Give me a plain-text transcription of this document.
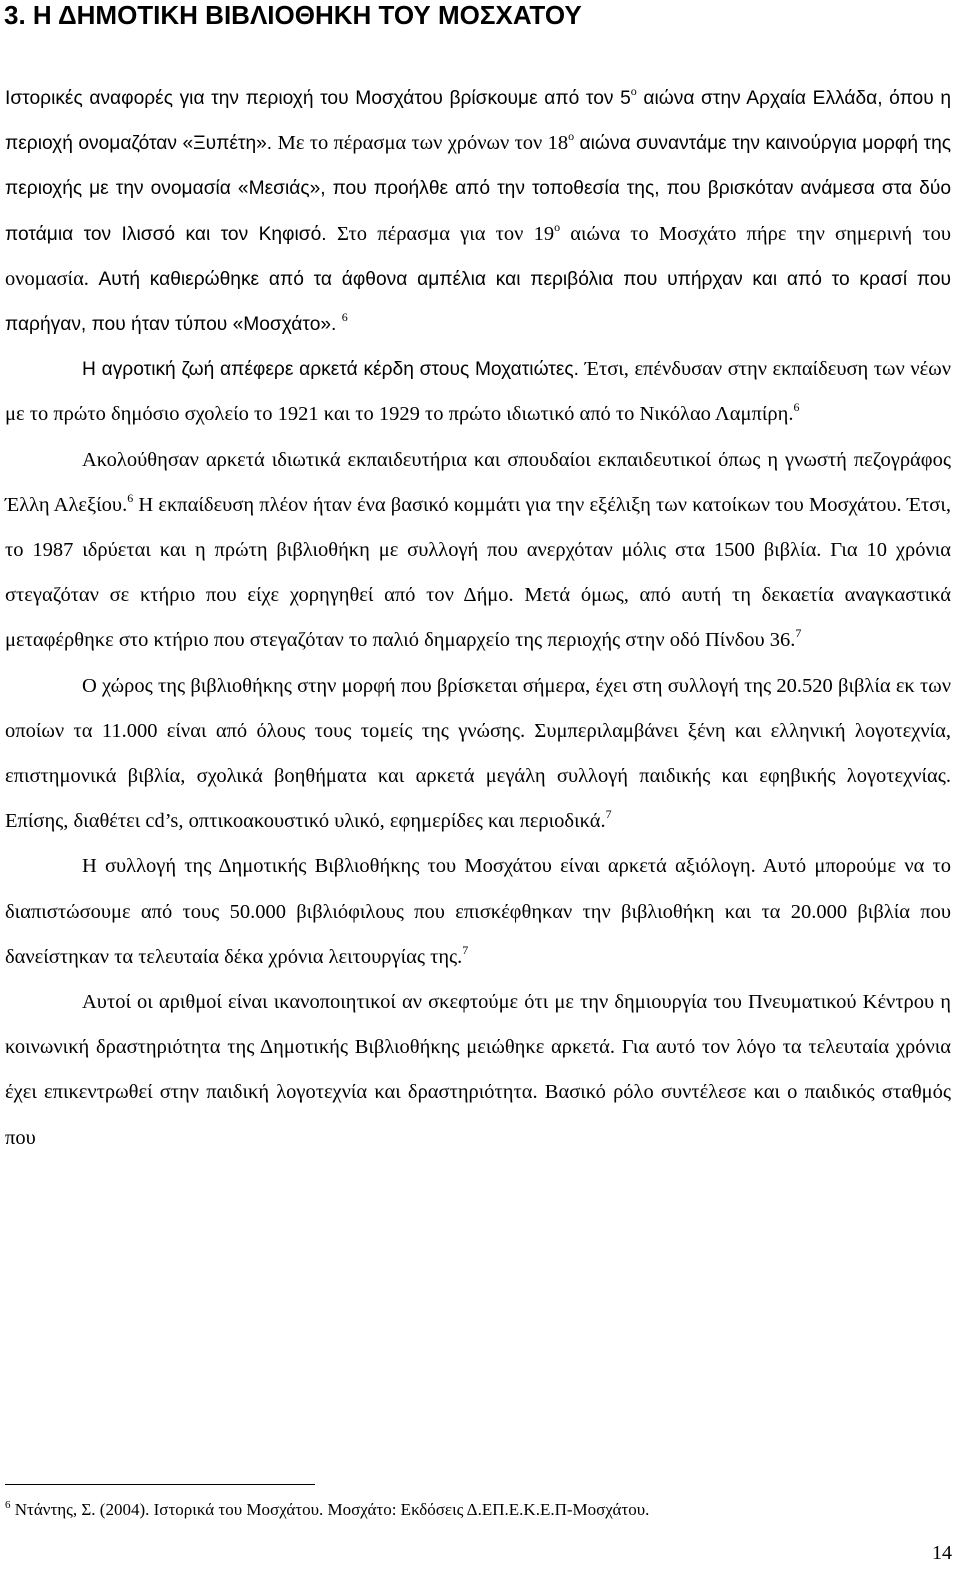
3. Η ΔΗΜΟΤΙΚΗ ΒΙΒΛΙΟΘΗΚΗ ΤΟΥ ΜΟΣΧΑΤΟΥ

Ιστορικές αναφορές για την περιοχή του Μοσχάτου βρίσκουμε από τον $5^o$ αιώνα στην Αρχαία Ελλάδα, όπου η περιοχή ονομαζόταν «Ξυπέτη». Με το πέρασμα των χρόνων τον $18^o$ αιώνα συναντάμε την καινούργια μορφή της περιοχής με την ονομασία «Μεσιάς», που προήλθε από την τοποθεσία της, που βρισκόταν ανάμεσα στα δύο ποτάμια τον Ιλισσό και τον Κηφισό. Στο πέρασμα για τον $19^o$ αιώνα το Μοσχάτο πήρε την σημερινή του ονομασία. Αυτή καθιερώθηκε από τα άφθονα αμπέλια και περιβόλια που υπήρχαν και από το κρασί που παρήγαν, που ήταν τύπου «Μοσχάτο». $^6$

Η αγροτική ζωή απέφερε αρκετά κέρδη στους Μοχατιώτες. Έτσι, επένδυσαν στην εκπαίδευση των νέων με το πρώτο δημόσιο σχολείο το 1921 και το 1929 το πρώτο ιδιωτικό από το Νικόλαο Λαμπίρη.$^6$

Ακολούθησαν αρκετά ιδιωτικά εκπαιδευτήρια και σπουδαίοι εκπαιδευτικοί όπως η γνωστή πεζογράφος Έλλη Αλεξίου.$^6$ Η εκπαίδευση πλέον ήταν ένα βασικό κομμάτι για την εξέλιξη των κατοίκων του Μοσχάτου. Έτσι, το 1987 ιδρύεται και η πρώτη βιβλιοθήκη με συλλογή που ανερχόταν μόλις στα 1500 βιβλία. Για 10 χρόνια στεγαζόταν σε κτήριο που είχε χορηγηθεί από τον Δήμο. Μετά όμως, από αυτή τη δεκαετία αναγκαστικά μεταφέρθηκε στο κτήριο που στεγαζόταν το παλιό δημαρχείο της περιοχής στην οδό Πίνδου 36.$^7$

Ο χώρος της βιβλιοθήκης στην μορφή που βρίσκεται σήμερα, έχει στη συλλογή της 20.520 βιβλία εκ των οποίων τα 11.000 είναι από όλους τους τομείς της γνώσης. Συμπεριλαμβάνει ξένη και ελληνική λογοτεχνία, επιστημονικά βιβλία, σχολικά βοηθήματα και αρκετά μεγάλη συλλογή παιδικής και εφηβικής λογοτεχνίας. Επίσης, διαθέτει cd’s, οπτικοακουστικό υλικό, εφημερίδες και περιοδικά.$^7$

Η συλλογή της Δημοτικής Βιβλιοθήκης του Μοσχάτου είναι αρκετά αξιόλογη. Αυτό μπορούμε να το διαπιστώσουμε από τους 50.000 βιβλιόφιλους που επισκέφθηκαν την βιβλιοθήκη και τα 20.000 βιβλία που δανείστηκαν τα τελευταία δέκα χρόνια λειτουργίας της.$^7$

Αυτοί οι αριθμοί είναι ικανοποιητικοί αν σκεφτούμε ότι με την δημιουργία του Πνευματικού Κέντρου η κοινωνική δραστηριότητα της Δημοτικής Βιβλιοθήκης μειώθηκε αρκετά. Για αυτό τον λόγο τα τελευταία χρόνια έχει επικεντρωθεί στην παιδική λογοτεχνία και δραστηριότητα. Βασικό ρόλο συντέλεσε και ο παιδικός σταθμός που

$^6$ Ντάντης, Σ. (2004). Ιστορικά του Μοσχάτου. Μοσχάτο: Εκδόσεις Δ.ΕΠ.Ε.Κ.Ε.Π-Μοσχάτου.
14
